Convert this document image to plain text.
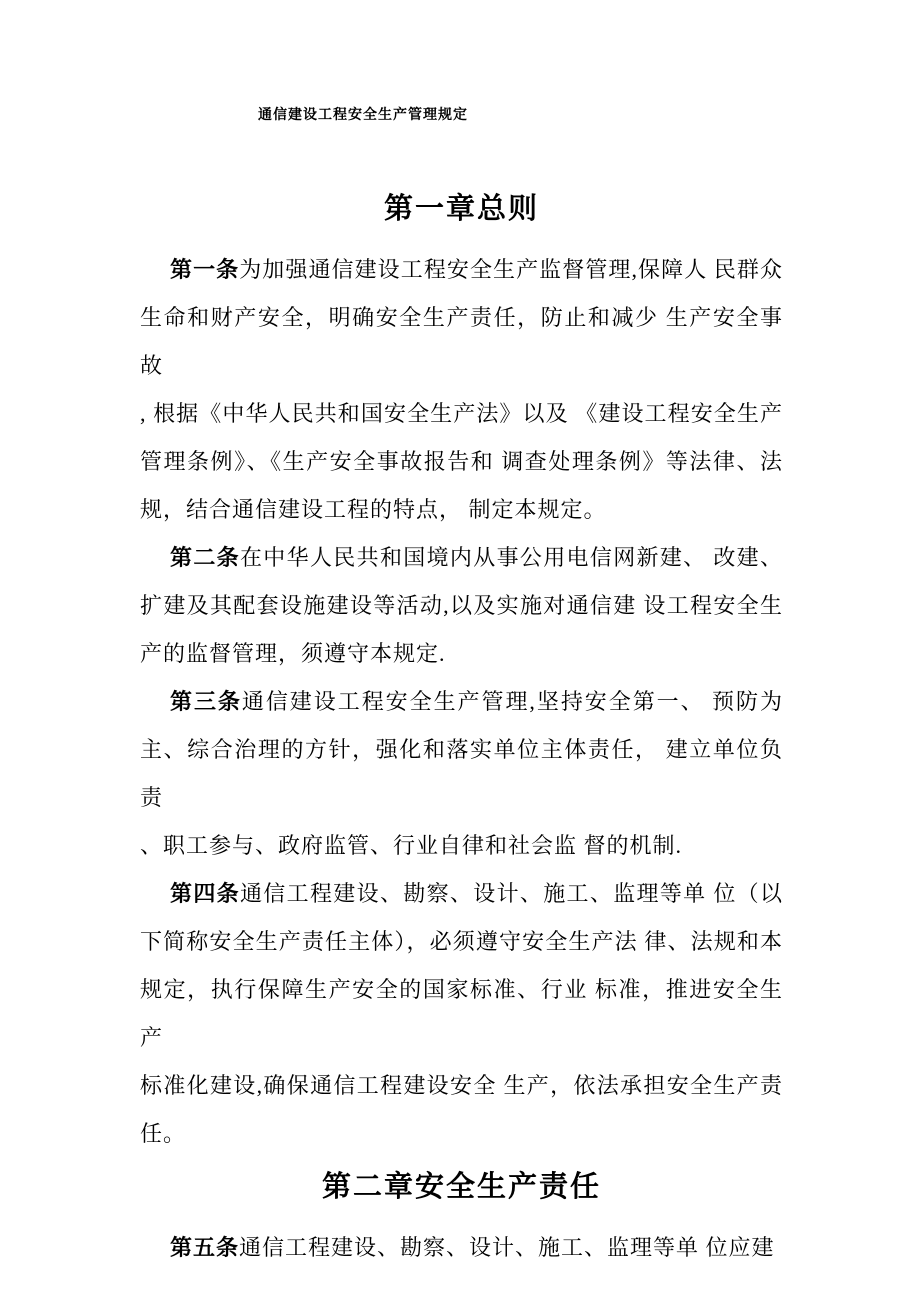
通信建设工程安全生产管理规定
第一章总则
第一条为加强通信建设工程安全生产监督管理,保障人 民群众
生命和财产安全，明确安全生产责任，防止和减少 生产安全事故
, 根据《中华人民共和国安全生产法》以及 《建设工程安全生产
管理条例》、《生产安全事故报告和 调查处理条例》等法律、法
规，结合通信建设工程的特点， 制定本规定。
第二条在中华人民共和国境内从事公用电信网新建、 改建、
扩建及其配套设施建设等活动,以及实施对通信建 设工程安全生
产的监督管理，须遵守本规定.
第三条通信建设工程安全生产管理,坚持安全第一、 预防为
主、综合治理的方针，强化和落实单位主体责任， 建立单位负责
、职工参与、政府监管、行业自律和社会监 督的机制.
第四条通信工程建设、勘察、设计、施工、监理等单 位（以
下简称安全生产责任主体），必须遵守安全生产法 律、法规和本
规定，执行保障生产安全的国家标准、行业 标准，推进安全生产
标准化建设,确保通信工程建设安全 生产，依法承担安全生产责
任。
第二章安全生产责任
第五条通信工程建设、勘察、设计、施工、监理等单 位应建
